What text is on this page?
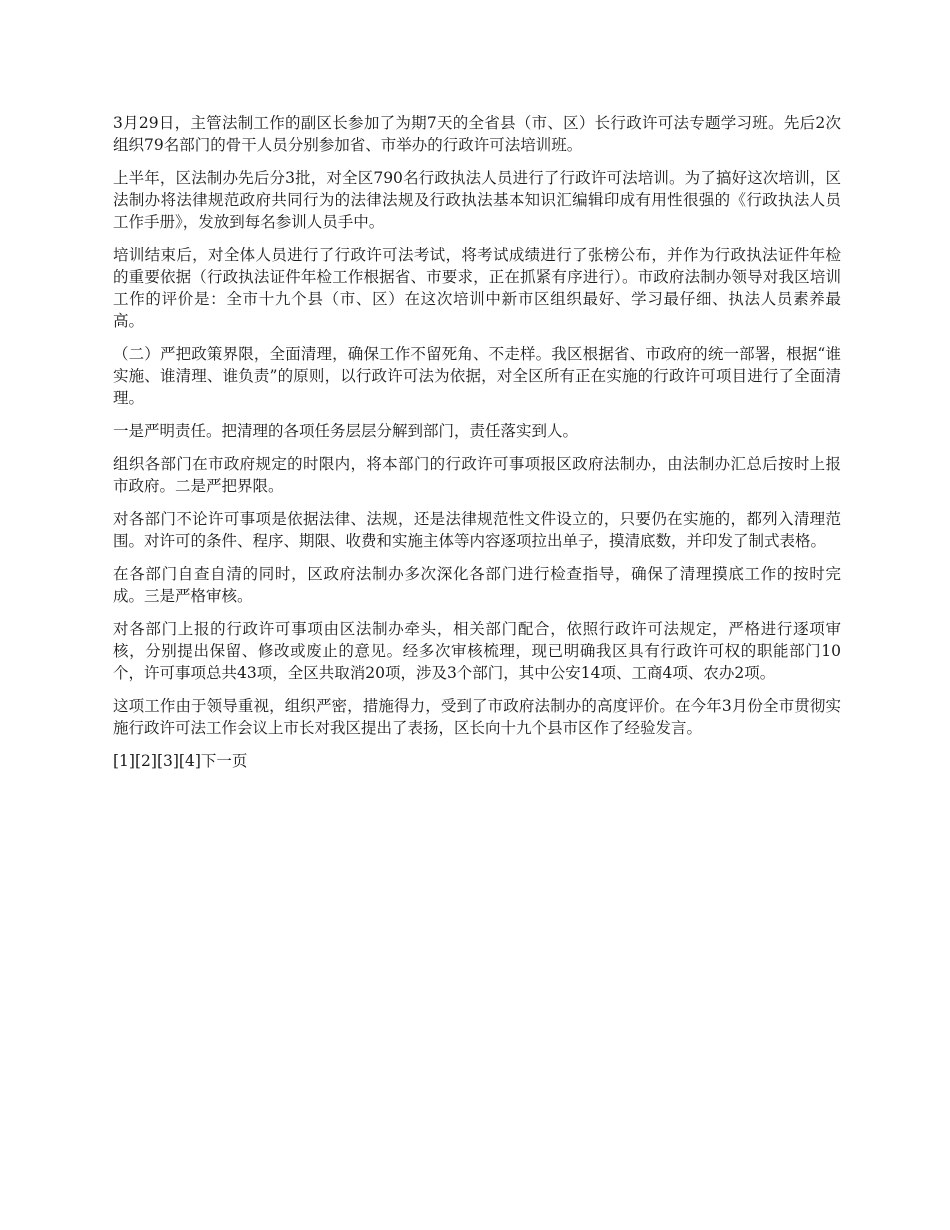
3月29日，主管法制工作的副区长参加了为期7天的全省县（市、区）长行政许可法专题学习班。先后2次组织79名部门的骨干人员分别参加省、市举办的行政许可法培训班。

上半年，区法制办先后分3批，对全区790名行政执法人员进行了行政许可法培训。为了搞好这次培训，区法制办将法律规范政府共同行为的法律法规及行政执法基本知识汇编辑印成有用性很强的《行政执法人员工作手册》，发放到每名参训人员手中。

培训结束后，对全体人员进行了行政许可法考试，将考试成绩进行了张榜公布，并作为行政执法证件年检的重要依据（行政执法证件年检工作根据省、市要求，正在抓紧有序进行）。市政府法制办领导对我区培训工作的评价是：全市十九个县（市、区）在这次培训中新市区组织最好、学习最仔细、执法人员素养最高。

（二）严把政策界限，全面清理，确保工作不留死角、不走样。我区根据省、市政府的统一部署，根据“谁实施、谁清理、谁负责”的原则，以行政许可法为依据，对全区所有正在实施的行政许可项目进行了全面清理。

一是严明责任。把清理的各项任务层层分解到部门，责任落实到人。

组织各部门在市政府规定的时限内，将本部门的行政许可事项报区政府法制办，由法制办汇总后按时上报市政府。二是严把界限。

对各部门不论许可事项是依据法律、法规，还是法律规范性文件设立的，只要仍在实施的，都列入清理范围。对许可的条件、程序、期限、收费和实施主体等内容逐项拉出单子，摸清底数，并印发了制式表格。

在各部门自查自清的同时，区政府法制办多次深化各部门进行检查指导，确保了清理摸底工作的按时完成。三是严格审核。

对各部门上报的行政许可事项由区法制办牵头，相关部门配合，依照行政许可法规定，严格进行逐项审核，分别提出保留、修改或废止的意见。经多次审核梳理，现已明确我区具有行政许可权的职能部门10个，许可事项总共43项，全区共取消20项，涉及3个部门，其中公安14项、工商4项、农办2项。

这项工作由于领导重视，组织严密，措施得力，受到了市政府法制办的高度评价。在今年3月份全市贯彻实施行政许可法工作会议上市长对我区提出了表扬，区长向十九个县市区作了经验发言。

[1] [2] [3] [4] 下一页
